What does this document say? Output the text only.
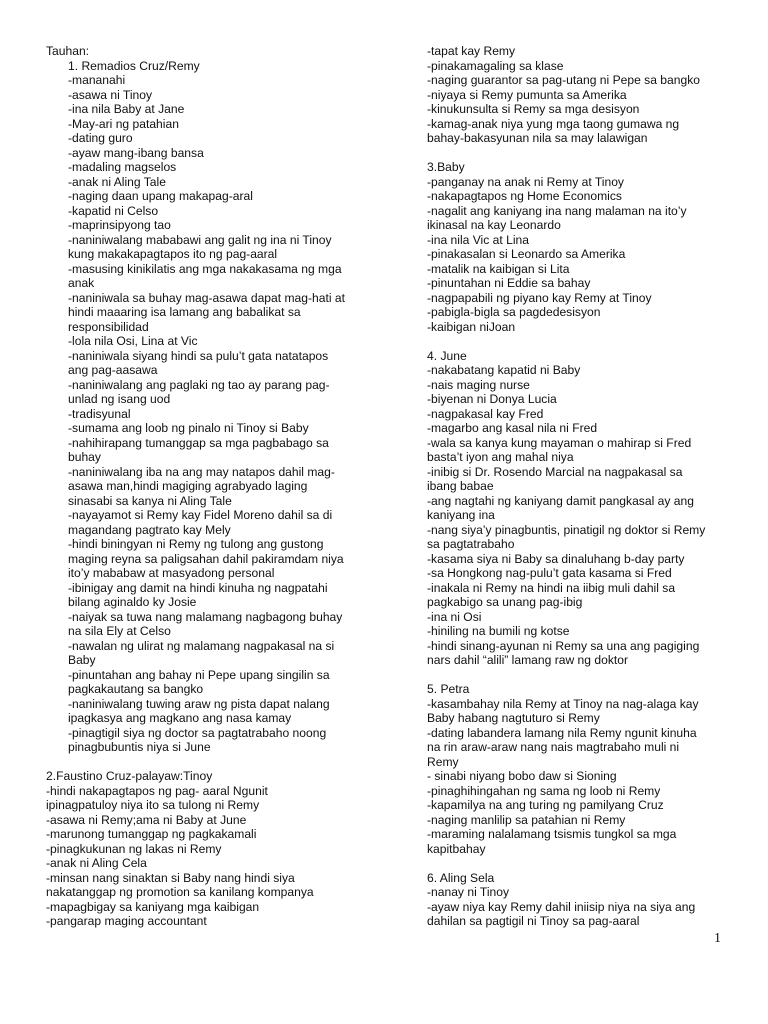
Tauhan:
1. Remadios Cruz/Remy
-mananahi
-asawa ni Tinoy
-ina nila Baby at Jane
-May-ari ng patahian
-dating guro
-ayaw mang-ibang bansa
-madaling magselos
-anak ni Aling Tale
-naging daan upang makapag-aral
-kapatid ni Celso
-maprinsipyong tao
-naniniwalang mababawi ang galit ng ina ni Tinoy
kung makakapagtapos ito ng pag-aaral
-masusing kinikilatis ang mga nakakasama ng mga
anak
-naniniwala sa buhay mag-asawa dapat mag-hati at
hindi maaaring isa lamang ang babalikat sa
responsibilidad
-lola nila Osi, Lina at Vic
-naniniwala siyang hindi sa pulu’t gata natatapos
ang pag-aasawa
-naniniwalang ang paglaki ng tao ay parang pag-
unlad ng isang uod
-tradisyunal
-sumama ang loob ng pinalo ni Tinoy si Baby
-nahihirapang tumanggap sa mga pagbabago sa
buhay
-naniniwalang iba na ang may natapos dahil mag-
asawa man,hindi magiging agrabyado laging
sinasabi sa kanya ni Aling Tale
-nayayamot si Remy kay Fidel Moreno dahil sa di
magandang pagtrato kay Mely
-hindi biningyan ni Remy ng tulong ang gustong
maging reyna sa paligsahan dahil pakiramdam niya
ito’y mababaw at masyadong personal
-ibinigay ang damit na hindi kinuha ng nagpatahi
bilang aginaldo ky Josie
-naiyak sa tuwa nang malamang nagbagong buhay
na sila Ely at Celso
-nawalan ng ulirat ng malamang nagpakasal na si
Baby
-pinuntahan ang bahay ni Pepe upang singilin sa
pagkakautang sa bangko
-naniniwalang tuwing araw ng pista dapat nalang
ipagkasya ang magkano ang nasa kamay
-pinagtigil siya ng doctor sa pagtatrabaho noong
pinagbubuntis niya si June
2.Faustino Cruz-palayaw:Tinoy
-hindi nakapagtapos ng pag- aaral Ngunit
ipinagpatuloy niya ito sa tulong ni Remy
-asawa ni Remy;ama ni Baby at June
-marunong tumanggap ng pagkakamali
-pinagkukunan ng lakas ni Remy
-anak ni Aling Cela
-minsan nang sinaktan si Baby nang hindi siya
nakatanggap ng promotion sa kanilang kompanya
-mapagbigay sa kaniyang mga kaibigan
-pangarap maging accountant
-tapat kay Remy
-pinakamagaling sa klase
-naging guarantor sa pag-utang ni Pepe sa bangko
-niyaya si Remy pumunta sa Amerika
-kinukunsulta si Remy sa mga desisyon
-kamag-anak niya yung mga taong gumawa ng
bahay-bakasyunan nila sa may lalawigan
3.Baby
-panganay na anak ni Remy at Tinoy
-nakapagtapos ng Home Economics
-nagalit ang kaniyang ina nang malaman na ito’y
ikinasal na kay Leonardo
-ina nila Vic at Lina
-pinakasalan si Leonardo sa Amerika
-matalik na kaibigan si Lita
-pinuntahan ni Eddie sa bahay
-nagpapabili ng piyano kay Remy at Tinoy
-pabigla-bigla sa pagdedesisyon
-kaibigan niJoan
4. June
-nakabatang kapatid ni Baby
-nais maging nurse
-biyenan ni Donya Lucia
-nagpakasal kay Fred
-magarbo ang kasal nila ni Fred
-wala sa kanya kung mayaman o mahirap si Fred
basta’t iyon ang mahal niya
-inibig si Dr. Rosendo Marcial na nagpakasal sa
ibang babae
-ang nagtahi ng kaniyang damit pangkasal ay ang
kaniyang ina
-nang siya’y pinagbuntis, pinatigil ng doktor si Remy
sa pagtatrabaho
-kasama siya ni Baby sa dinaluhang b-day party
-sa Hongkong nag-pulu’t gata kasama si Fred
-inakala ni Remy na hindi na iibig muli dahil sa
pagkabigo sa unang pag-ibig
-ina ni Osi
-hiniling na bumili ng kotse
-hindi sinang-ayunan ni Remy sa una ang pagiging
nars dahil “alili” lamang raw ng doktor
5. Petra
-kasambahay nila Remy at Tinoy na nag-alaga kay
Baby habang nagtuturo si Remy
-dating labandera lamang nila Remy ngunit kinuha
na rin araw-araw nang nais magtrabaho muli ni
Remy
- sinabi niyang bobo daw si Sioning
-pinaghihingahan ng sama ng loob ni Remy
-kapamilya na ang turing ng pamilyang Cruz
-naging manlilip sa patahian ni Remy
-maraming nalalamang tsismis tungkol sa mga
kapitbahay
6. Aling Sela
-nanay ni Tinoy
-ayaw niya kay Remy dahil iniisip niya na siya ang
dahilan sa pagtigil ni Tinoy sa pag-aaral
1
